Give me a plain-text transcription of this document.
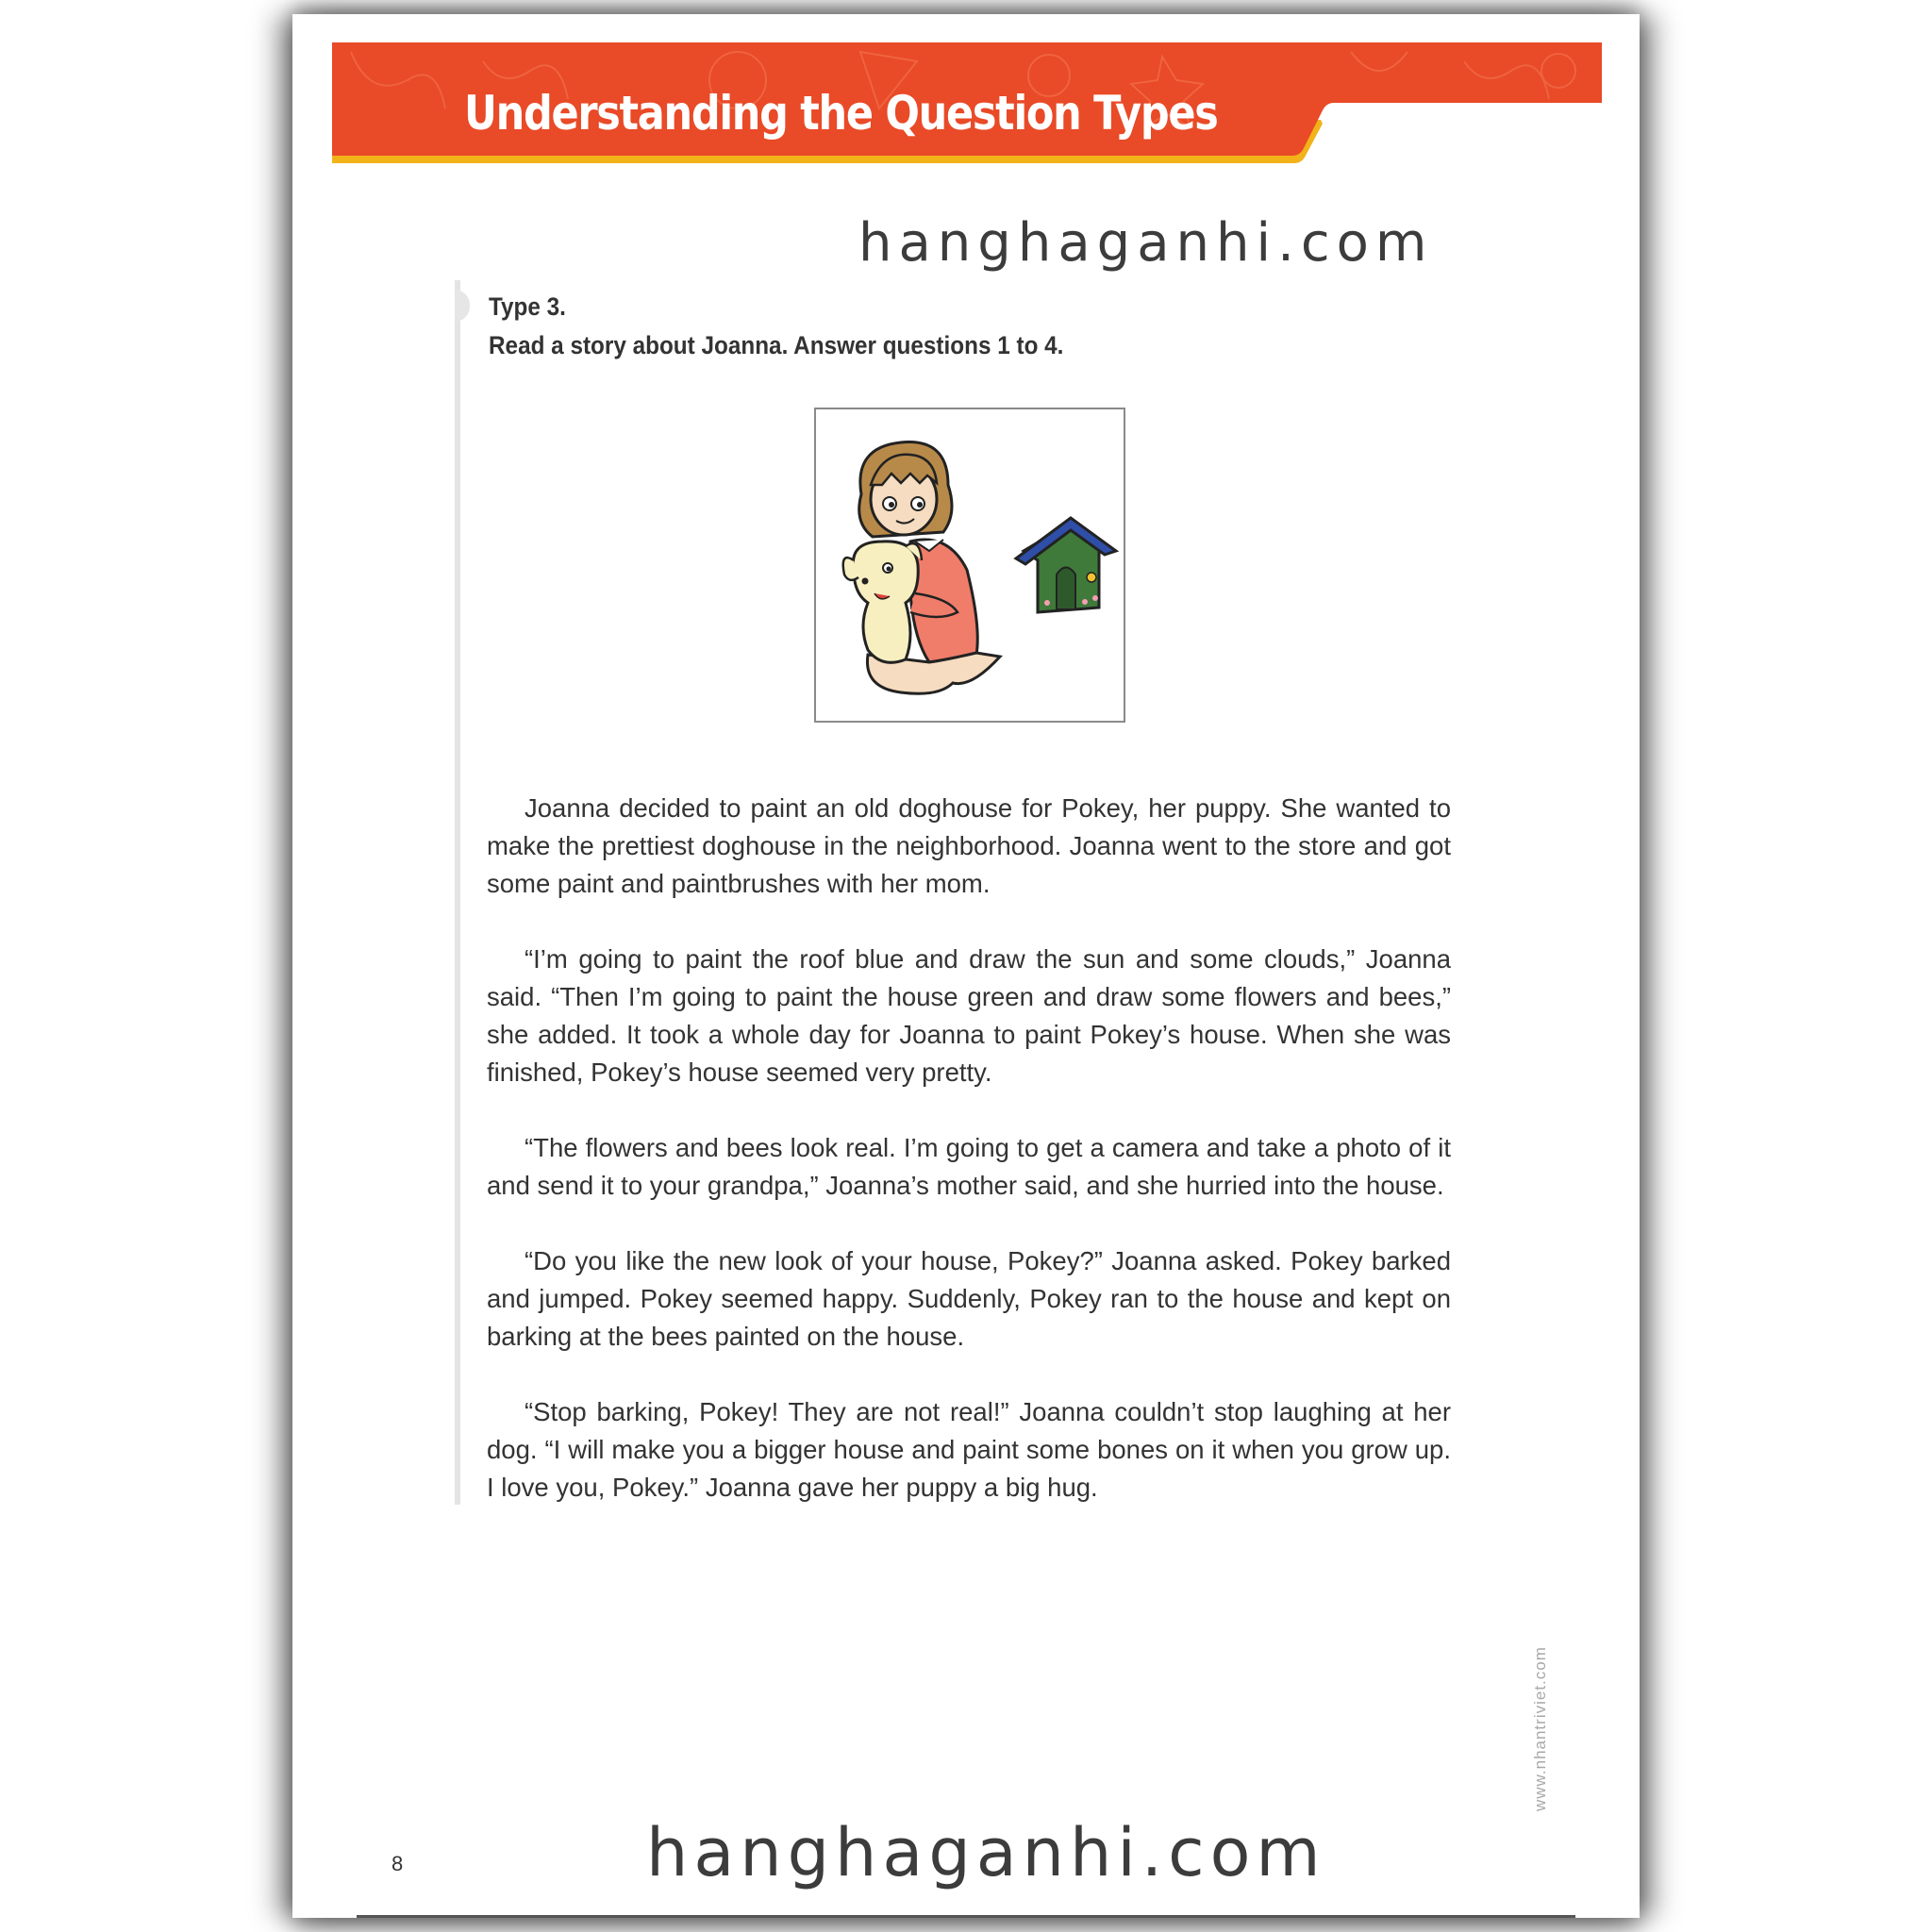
Understanding the Question Types
hanghaganhi.com
Type 3.
Read a story about Joanna. Answer questions 1 to 4.

Joanna decided to paint an old doghouse for Pokey, her puppy. She wanted to make the prettiest doghouse in the neighborhood. Joanna went to the store and got some paint and paintbrushes with her mom.

“I’m going to paint the roof blue and draw the sun and some clouds,” Joanna said. “Then I’m going to paint the house green and draw some flowers and bees,” she added. It took a whole day for Joanna to paint Pokey’s house. When she was finished, Pokey’s house seemed very pretty.

“The flowers and bees look real. I’m going to get a camera and take a photo of it and send it to your grandpa,” Joanna’s mother said, and she hurried into the house.

“Do you like the new look of your house, Pokey?” Joanna asked. Pokey barked and jumped. Pokey seemed happy. Suddenly, Pokey ran to the house and kept on barking at the bees painted on the house.

“Stop barking, Pokey! They are not real!” Joanna couldn’t stop laughing at her dog. “I will make you a bigger house and paint some bones on it when you grow up. I love you, Pokey.” Joanna gave her puppy a big hug.

www.nhantriviet.com
8	hanghaganhi.com
